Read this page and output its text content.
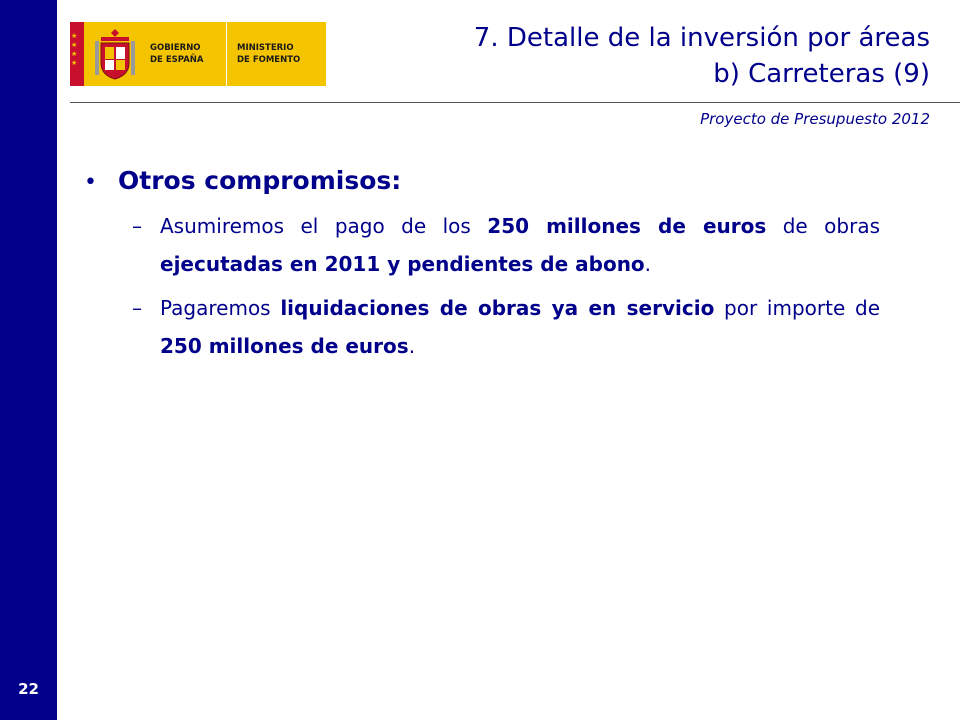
22
★
★
★
★
GOBIERNO
DE ESPAÑA
MINISTERIO
DE FOMENTO
7. Detalle de la inversión por áreas
b) Carreteras (9)
Proyecto de Presupuesto 2012
• Otros compromisos:
– Asumiremos el pago de los 250 millones de euros de obras ejecutadas en 2011 y pendientes de abono.
– Pagaremos liquidaciones de obras ya en servicio por importe de 250 millones de euros.
